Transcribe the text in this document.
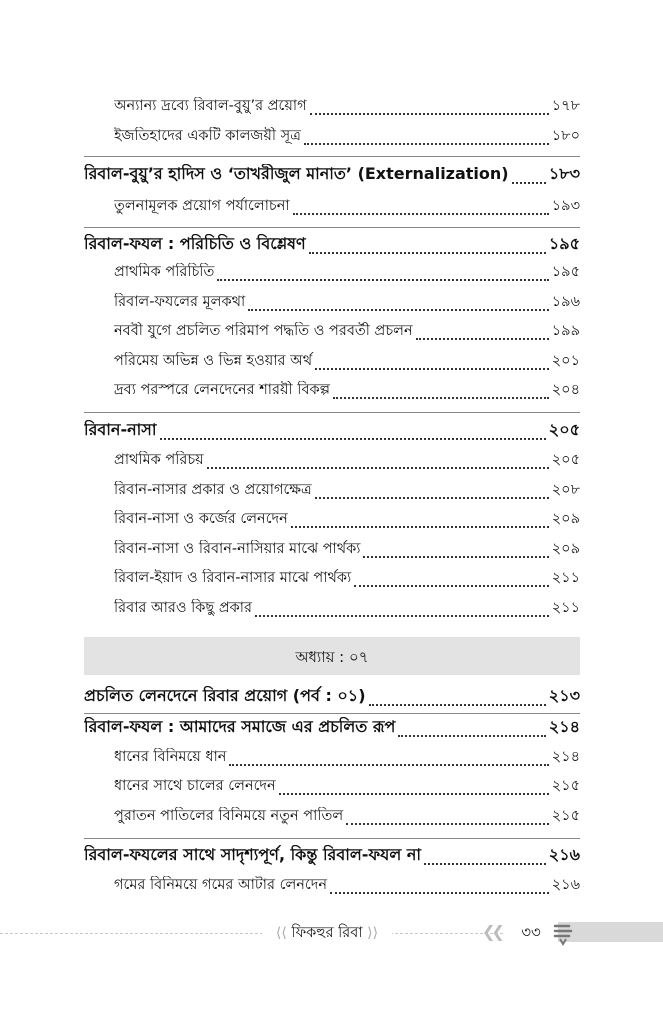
অন্যান্য দ্রব্যে রিবাল-বুয়ু’র প্রয়োগ	১৭৮
ইজতিহাদের একটি কালজয়ী সূত্র	১৮০
রিবাল-বুয়ু’র হাদিস ও ‘তাখরীজুল মানাত’ (Externalization)	১৮৩
তুলনামূলক প্রয়োগ পর্যালোচনা	১৯৩
রিবাল-ফযল : পরিচিতি ও বিশ্লেষণ	১৯৫
প্রাথমিক পরিচিতি	১৯৫
রিবাল-ফযলের মূলকথা	১৯৬
নববী যুগে প্রচলিত পরিমাপ পদ্ধতি ও পরবর্তী প্রচলন	১৯৯
পরিমেয় অভিন্ন ও ভিন্ন হওয়ার অর্থ	২০১
দ্রব্য পরস্পরে লেনদেনের শারয়ী বিকল্প	২০৪
রিবান-নাসা	২০৫
প্রাথমিক পরিচয়	২০৫
রিবান-নাসার প্রকার ও প্রয়োগক্ষেত্র	২০৮
রিবান-নাসা ও কর্জের লেনদেন	২০৯
রিবান-নাসা ও রিবান-নাসিয়ার মাঝে পার্থক্য	২০৯
রিবাল-ইয়াদ ও রিবান-নাসার মাঝে পার্থক্য	২১১
রিবার আরও কিছু প্রকার	২১১
অধ্যায় : ০৭
প্রচলিত লেনদেনে রিবার প্রয়োগ (পর্ব : ০১)	২১৩
রিবাল-ফযল : আমাদের সমাজে এর প্রচলিত রূপ	২১৪
ধানের বিনিময়ে ধান	২১৪
ধানের সাথে চালের লেনদেন	২১৫
পুরাতন পাতিলের বিনিময়ে নতুন পাতিল	২১৫
রিবাল-ফযলের সাথে সাদৃশ্যপূর্ণ, কিন্তু রিবাল-ফযল না	২১৬
গমের বিনিময়ে গমের আটার লেনদেন	২১৬
⟨⟨ ফিকহুর রিবা ⟩⟩	❮❮	৩৩
